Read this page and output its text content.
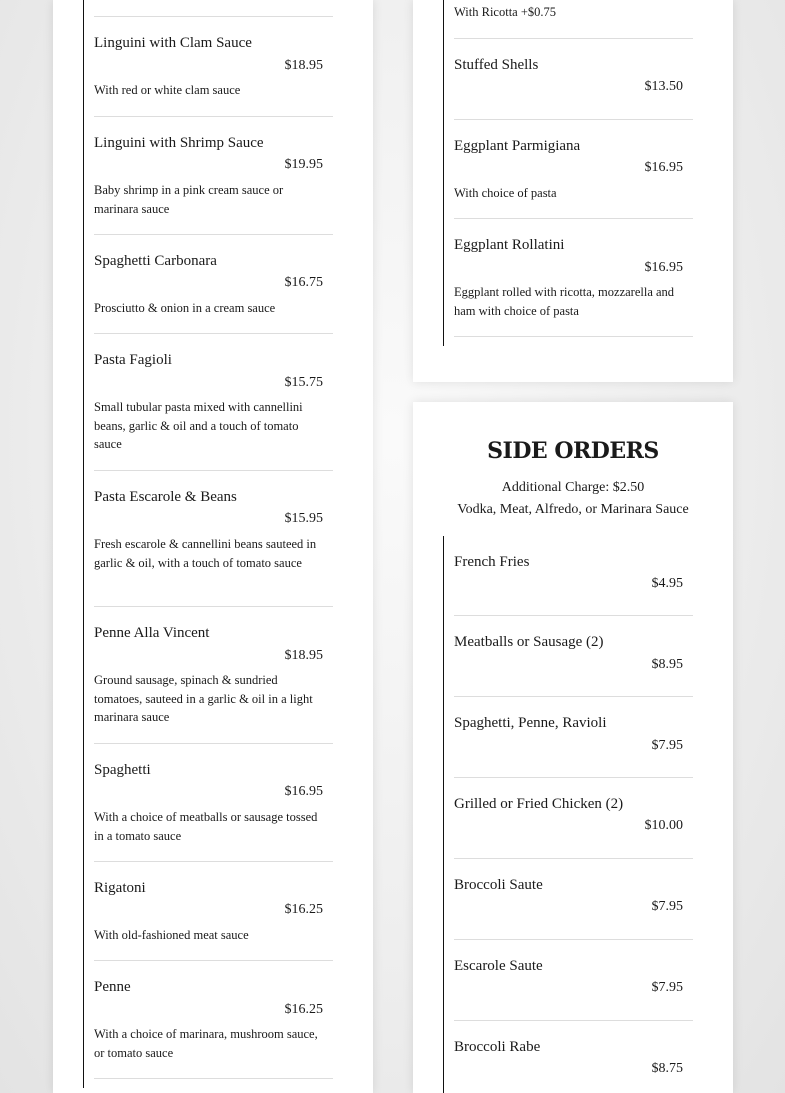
Linguini with Clam Sauce
$18.95
With red or white clam sauce
Linguini with Shrimp Sauce
$19.95
Baby shrimp in a pink cream sauce or marinara sauce
Spaghetti Carbonara
$16.75
Prosciutto & onion in a cream sauce
Pasta Fagioli
$15.75
Small tubular pasta mixed with cannellini beans, garlic & oil and a touch of tomato sauce
Pasta Escarole & Beans
$15.95
Fresh escarole & cannellini beans sauteed in garlic & oil, with a touch of tomato sauce
Penne Alla Vincent
$18.95
Ground sausage, spinach & sundried tomatoes, sauteed in a garlic & oil in a light marinara sauce
Spaghetti
$16.95
With a choice of meatballs or sausage tossed in a tomato sauce
Rigatoni
$16.25
With old-fashioned meat sauce
Penne
$16.25
With a choice of marinara, mushroom sauce, or tomato sauce
With Ricotta +$0.75
Stuffed Shells
$13.50
Eggplant Parmigiana
$16.95
With choice of pasta
Eggplant Rollatini
$16.95
Eggplant rolled with ricotta, mozzarella and ham with choice of pasta
SIDE ORDERS
Additional Charge: $2.50
Vodka, Meat, Alfredo, or Marinara Sauce
French Fries
$4.95
Meatballs or Sausage (2)
$8.95
Spaghetti, Penne, Ravioli
$7.95
Grilled or Fried Chicken (2)
$10.00
Broccoli Saute
$7.95
Escarole Saute
$7.95
Broccoli Rabe
$8.75
